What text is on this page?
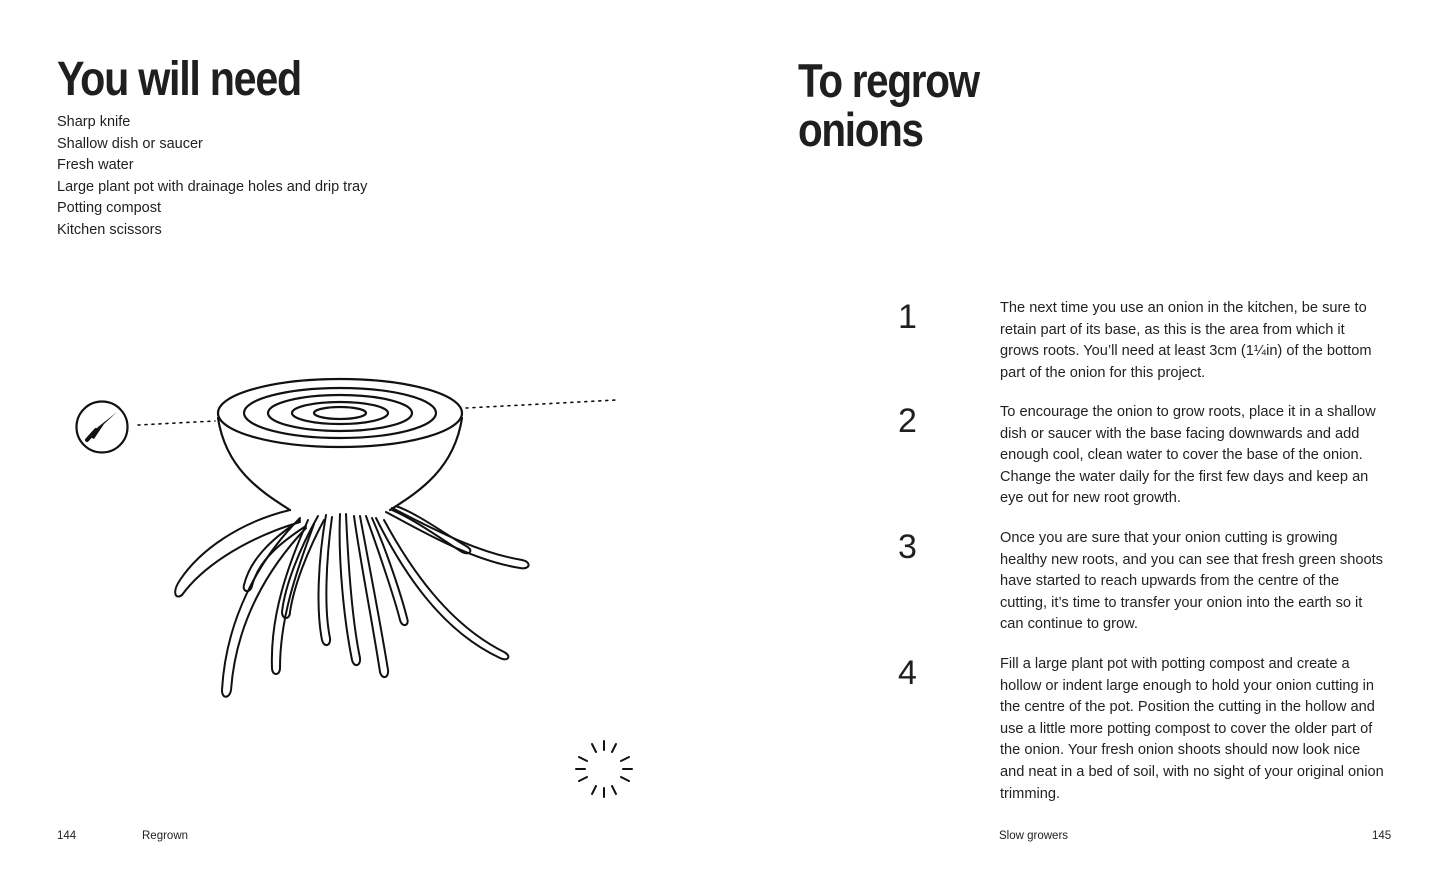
You will need
Sharp knife
Shallow dish or saucer
Fresh water
Large plant pot with drainage holes and drip tray
Potting compost
Kitchen scissors
144	Regrown
To regrow onions
1	The next time you use an onion in the kitchen, be sure to retain part of its base, as this is the area from which it grows roots. You’ll need at least 3cm (1¼in) of the bottom part of the onion for this project.

2	To encourage the onion to grow roots, place it in a shallow dish or saucer with the base facing downwards and add enough cool, clean water to cover the base of the onion. Change the water daily for the first few days and keep an eye out for new root growth.

3	Once you are sure that your onion cutting is growing healthy new roots, and you can see that fresh green shoots have started to reach upwards from the centre of the cutting, it’s time to transfer your onion into the earth so it can continue to grow.

4	Fill a large plant pot with potting compost and create a hollow or indent large enough to hold your onion cutting in the centre of the pot. Position the cutting in the hollow and use a little more potting compost to cover the older part of the onion. Your fresh onion shoots should now look nice and neat in a bed of soil, with no sight of your original onion trimming.

Slow growers	145
